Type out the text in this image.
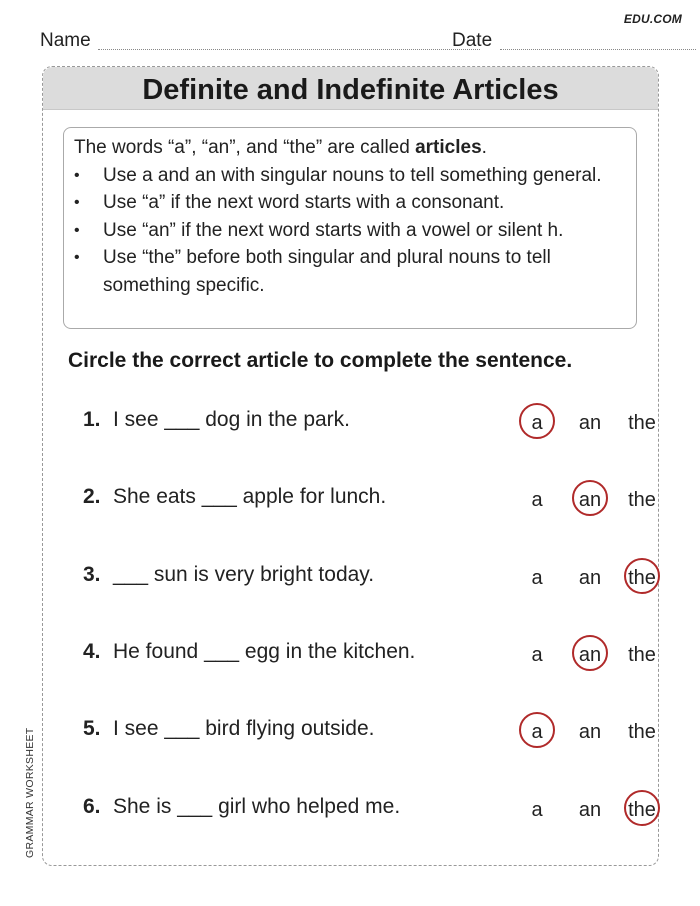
EDU.COM
Name	Date
Definite and Indefinite Articles
The words “a”, “an”, and “the” are called articles.
• Use a and an with singular nouns to tell something general.
• Use “a” if the next word starts with a consonant.
• Use “an” if the next word starts with a vowel or silent h.
• Use “the” before both singular and plural nouns to tell something specific.
Circle the correct article to complete the sentence.
1. I see ___ dog in the park.	a	an	the
2. She eats ___ apple for lunch.	a	an	the
3. ___ sun is very bright today.	a	an	the
4. He found ___ egg in the kitchen.	a	an	the
5. I see ___ bird flying outside.	a	an	the
6. She is ___ girl who helped me.	a	an	the
GRAMMAR WORKSHEET
